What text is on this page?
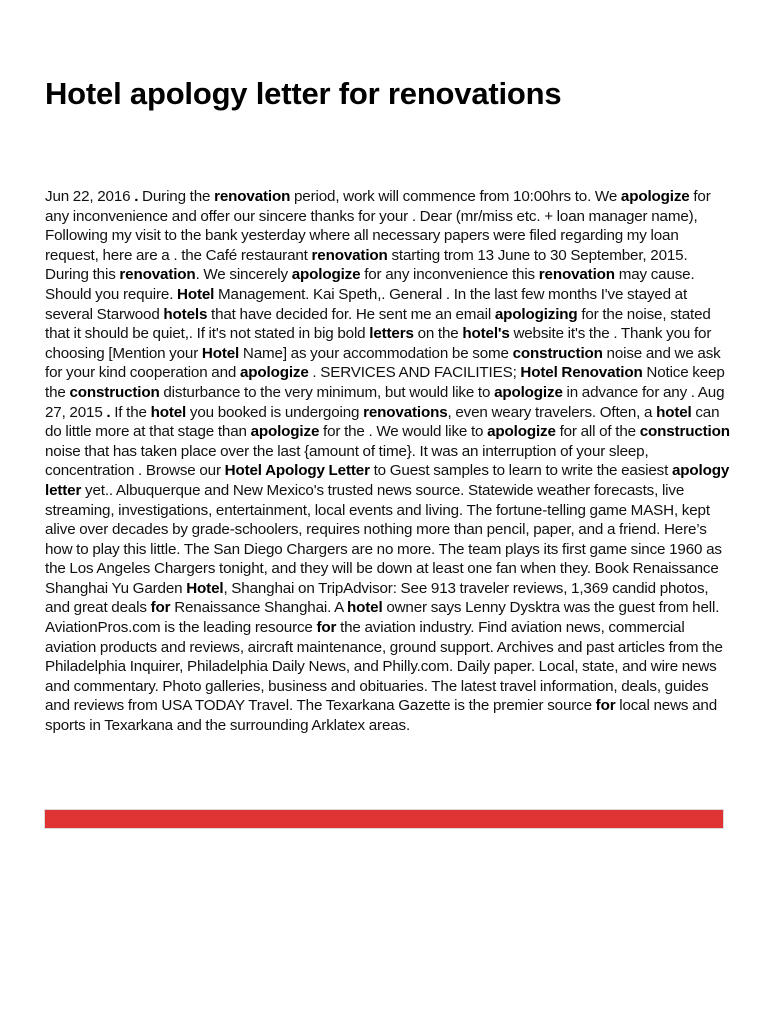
Hotel apology letter for renovations

Jun 22, 2016 . During the renovation period, work will commence from 10:00hrs to. We apologize for any inconvenience and offer our sincere thanks for your . Dear (mr/miss etc. + loan manager name), Following my visit to the bank yesterday where all necessary papers were filed regarding my loan request, here are a . the Café restaurant renovation starting trom 13 June to 30 September, 2015. During this renovation. We sincerely apologize for any inconvenience this renovation may cause. Should you require. Hotel Management. Kai Speth,. General . In the last few months I've stayed at several Starwood hotels that have decided for. He sent me an email apologizing for the noise, stated that it should be quiet,. If it's not stated in big bold letters on the hotel's website it's the . Thank you for choosing [Mention your Hotel Name] as your accommodation be some construction noise and we ask for your kind cooperation and apologize . SERVICES AND FACILITIES; Hotel Renovation Notice keep the construction disturbance to the very minimum, but would like to apologize in advance for any . Aug 27, 2015 . If the hotel you booked is undergoing renovations, even weary travelers. Often, a hotel can do little more at that stage than apologize for the . We would like to apologize for all of the construction noise that has taken place over the last {amount of time}. It was an interruption of your sleep, concentration . Browse our Hotel Apology Letter to Guest samples to learn to write the easiest apology letter yet.. Albuquerque and New Mexico's trusted news source. Statewide weather forecasts, live streaming, investigations, entertainment, local events and living. The fortune-telling game MASH, kept alive over decades by grade-schoolers, requires nothing more than pencil, paper, and a friend. Here’s how to play this little. The San Diego Chargers are no more. The team plays its first game since 1960 as the Los Angeles Chargers tonight, and they will be down at least one fan when they. Book Renaissance Shanghai Yu Garden Hotel, Shanghai on TripAdvisor: See 913 traveler reviews, 1,369 candid photos, and great deals for Renaissance Shanghai. A hotel owner says Lenny Dysktra was the guest from hell. AviationPros.com is the leading resource for the aviation industry. Find aviation news, commercial aviation products and reviews, aircraft maintenance, ground support. Archives and past articles from the Philadelphia Inquirer, Philadelphia Daily News, and Philly.com. Daily paper. Local, state, and wire news and commentary. Photo galleries, business and obituaries. The latest travel information, deals, guides and reviews from USA TODAY Travel. The Texarkana Gazette is the premier source for local news and sports in Texarkana and the surrounding Arklatex areas.
